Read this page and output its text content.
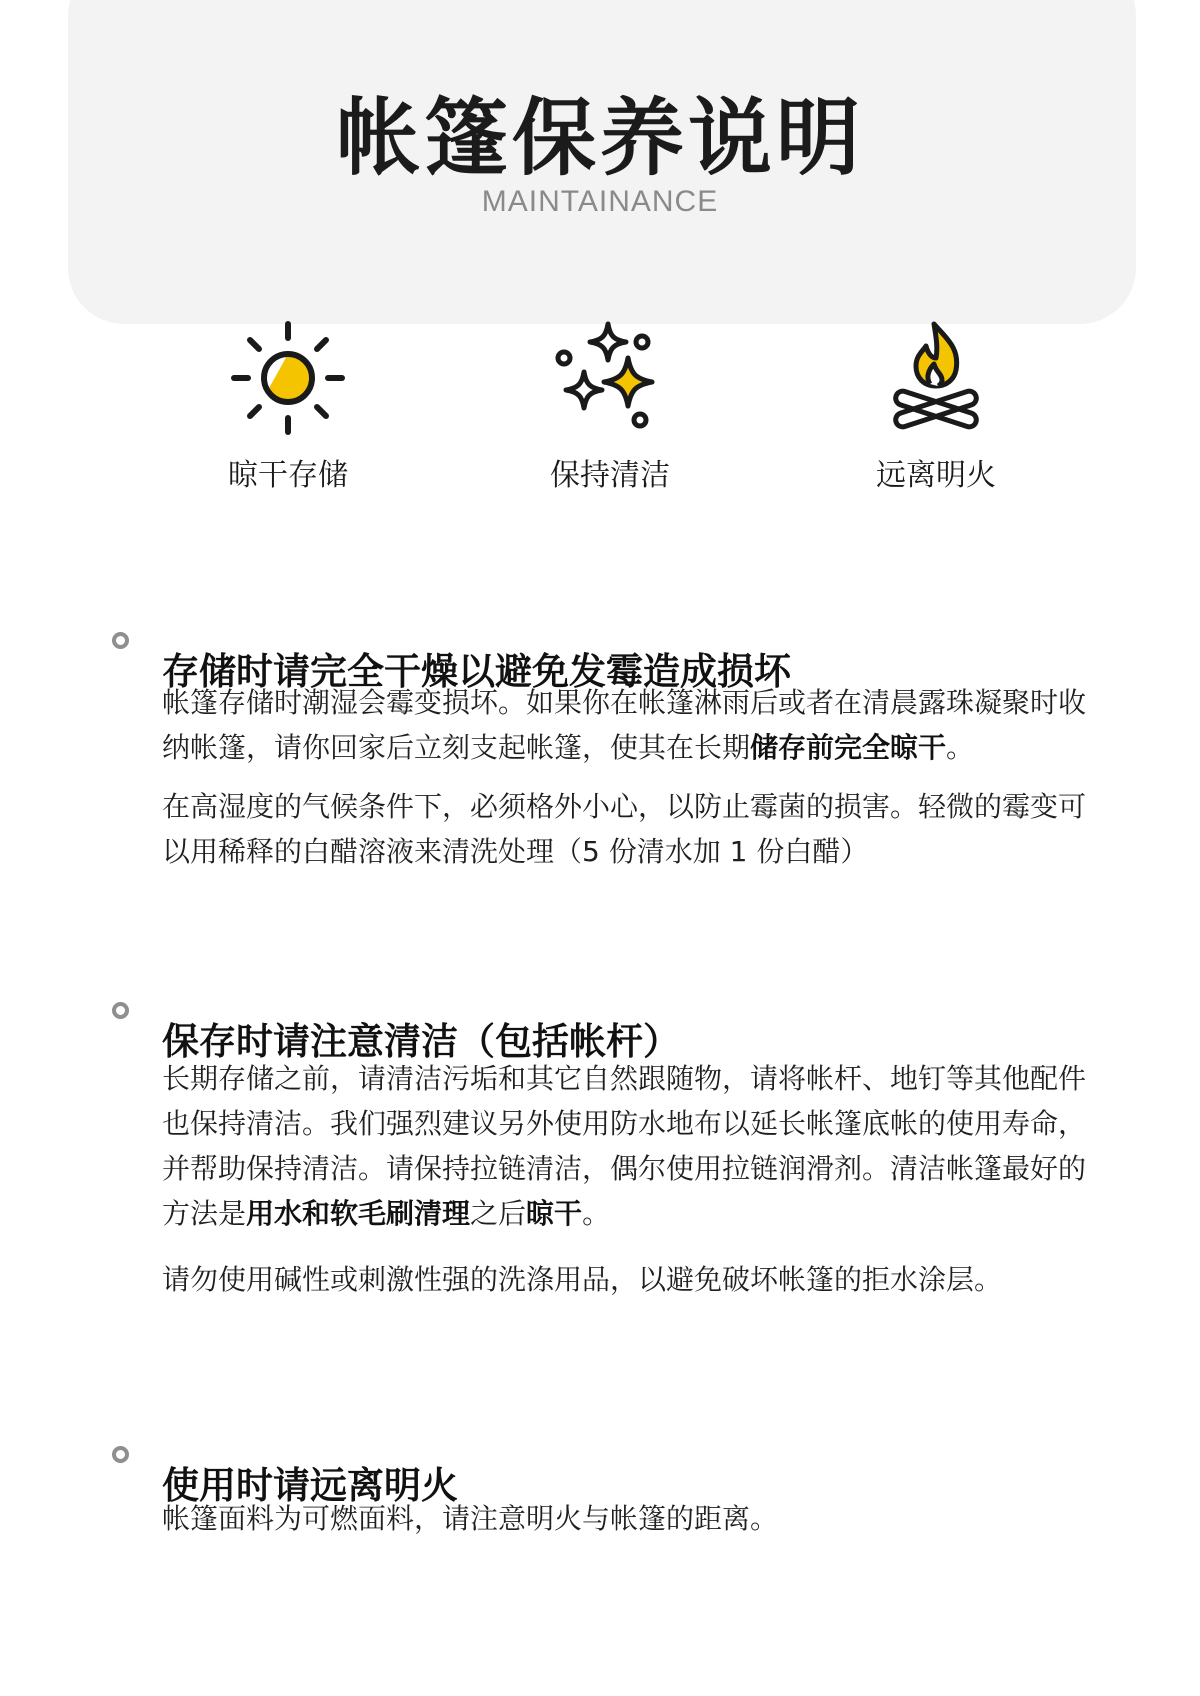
帐篷保养说明
MAINTAINANCE
晾干存储	保持清洁	远离明火
存储时请完全干燥以避免发霉造成损坏

帐篷存储时潮湿会霉变损坏。如果你在帐篷淋雨后或者在清晨露珠凝聚时收纳帐篷，请你回家后立刻支起帐篷，使其在长期储存前完全晾干。

在高湿度的气候条件下，必须格外小心，以防止霉菌的损害。轻微的霉变可以用稀释的白醋溶液来清洗处理（5 份清水加 1 份白醋）

保存时请注意清洁（包括帐杆）

长期存储之前，请清洁污垢和其它自然跟随物，请将帐杆、地钉等其他配件也保持清洁。我们强烈建议另外使用防水地布以延长帐篷底帐的使用寿命，并帮助保持清洁。请保持拉链清洁，偶尔使用拉链润滑剂。清洁帐篷最好的方法是用水和软毛刷清理之后晾干。

请勿使用碱性或刺激性强的洗涤用品，以避免破坏帐篷的拒水涂层。

使用时请远离明火

帐篷面料为可燃面料，请注意明火与帐篷的距离。
